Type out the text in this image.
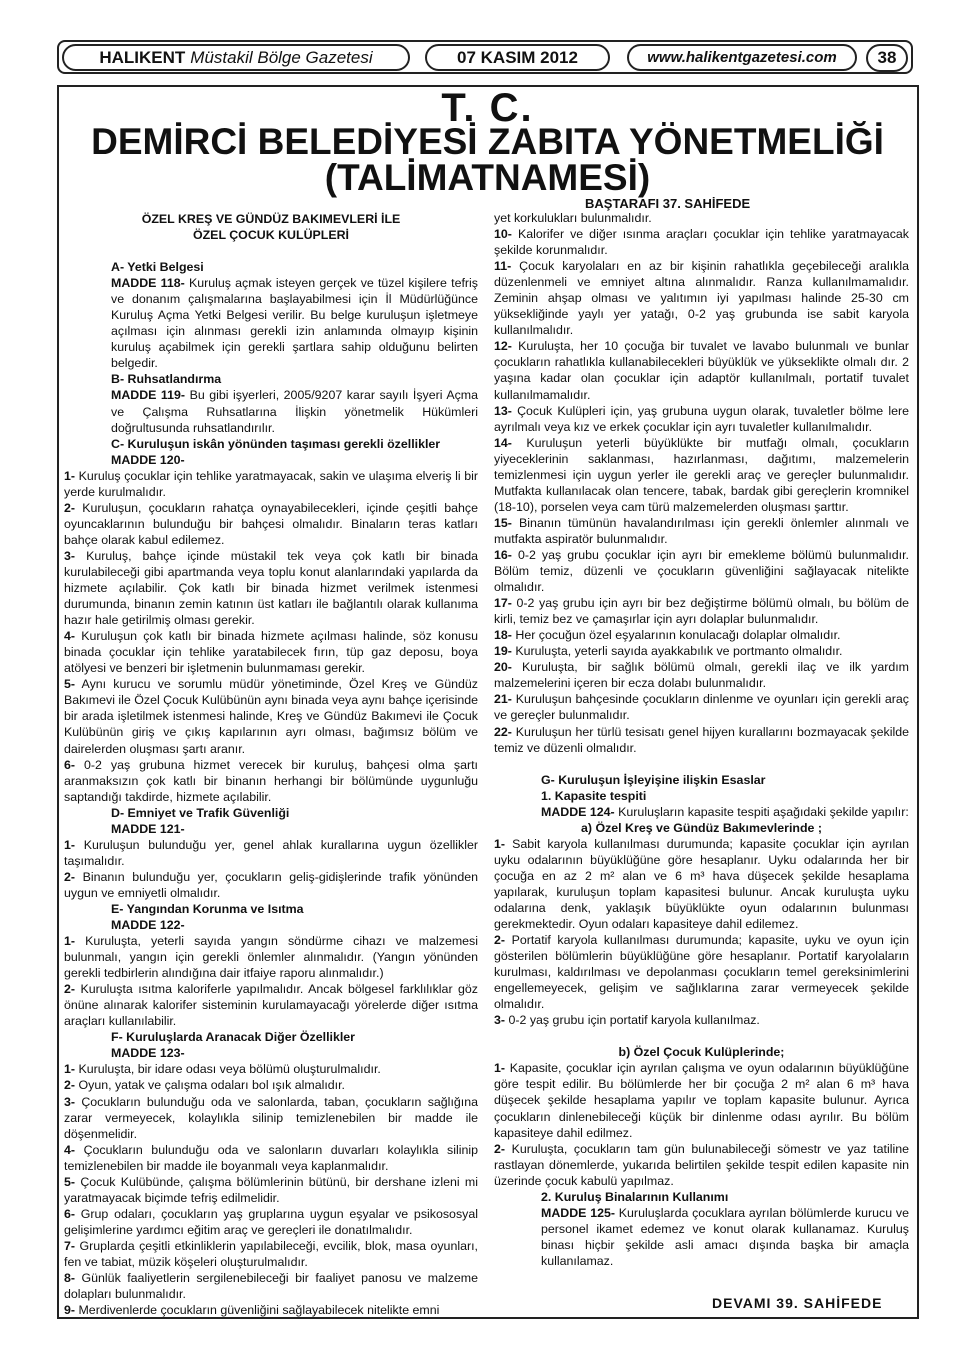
HALIKENT Müstakil Bölge Gazetesi	07 KASIM 2012	www.halikentgazetesi.com	38
T. C.
DEMİRCİ BELEDİYESİ ZABITA YÖNETMELİĞİ
(TALİMATNAMESİ)
BAŞTARAFI 37. SAHİFEDE

ÖZEL KREŞ VE GÜNDÜZ BAKIMEVLERİ İLE

ÖZEL ÇOCUK KULÜPLERİ

A- Yetki Belgesi

MADDE 118- Kuruluş açmak isteyen gerçek ve tüzel kişilere tefriş ve donanım çalışmalarına başlayabilmesi için İl Müdürlüğünce Kuruluş Açma Yetki Belgesi verilir. Bu belge kuruluşun işletmeye açılması için alınması gerekli izin anlamında olmayıp kişinin kuruluş açabilmek için gerekli şartlara sahip olduğunu belirten belgedir.

B- Ruhsatlandırma

MADDE 119- Bu gibi işyerleri, 2005/9207 karar sayılı İşyeri Açma ve Çalışma Ruhsatlarına İlişkin yönetmelik Hükümleri doğrultusunda ruhsatlandırılır.

C- Kuruluşun iskân yönünden taşıması gerekli özellikler

MADDE 120-

1- Kuruluş çocuklar için tehlike yaratmayacak, sakin ve ulaşıma elveriş li bir yerde kurulmalıdır.

2- Kuruluşun, çocukların rahatça oynayabilecekleri, içinde çeşitli bahçe oyuncaklarının bulunduğu bir bahçesi olmalıdır. Binaların teras katları bahçe olarak kabul edilemez.

3- Kuruluş, bahçe içinde müstakil tek veya çok katlı bir binada kurulabileceği gibi apartmanda veya toplu konut alanlarındaki yapılarda da hizmete açılabilir. Çok katlı bir binada hizmet verilmek istenmesi durumunda, binanın zemin katının üst katları ile bağlantılı olarak kullanıma hazır hale getirilmiş olması gerekir.

4- Kuruluşun çok katlı bir binada hizmete açılması halinde, söz konusu binada çocuklar için tehlike yaratabilecek fırın, tüp gaz deposu, boya atölyesi ve benzeri bir işletmenin bulunmaması gerekir.

5- Aynı kurucu ve sorumlu müdür yönetiminde, Özel Kreş ve Gündüz Bakımevi ile Özel Çocuk Kulübünün aynı binada veya aynı bahçe içerisinde bir arada işletilmek istenmesi halinde, Kreş ve Gündüz Bakımevi ile Çocuk Kulübünün giriş ve çıkış kapılarının ayrı olması, bağımsız bölüm ve dairelerden oluşması şartı aranır.

6- 0-2 yaş grubuna hizmet verecek bir kuruluş, bahçesi olma şartı aranmaksızın çok katlı bir binanın herhangi bir bölümünde uygunluğu saptandığı takdirde, hizmete açılabilir.

D- Emniyet ve Trafik Güvenliği

MADDE 121-

1- Kuruluşun bulunduğu yer, genel ahlak kurallarına uygun özellikler taşımalıdır.

2- Binanın bulunduğu yer, çocukların geliş-gidişlerinde trafik yönünden uygun ve emniyetli olmalıdır.

E- Yangından Korunma ve Isıtma

MADDE 122-

1- Kuruluşta, yeterli sayıda yangın söndürme cihazı ve malzemesi bulunmalı, yangın için gerekli önlemler alınmalıdır. (Yangın yönünden gerekli tedbirlerin alındığına dair itfaiye raporu alınmalıdır.)

2- Kuruluşta ısıtma kaloriferle yapılmalıdır. Ancak bölgesel farklılıklar göz önüne alınarak kalorifer sisteminin kurulamayacağı yörelerde diğer ısıtma araçları kullanılabilir.

F- Kuruluşlarda Aranacak Diğer Özellikler

MADDE 123-

1- Kuruluşta, bir idare odası veya bölümü oluşturulmalıdır.

2- Oyun, yatak ve çalışma odaları bol ışık almalıdır.

3- Çocukların bulunduğu oda ve salonlarda, taban, çocukların sağlığına zarar vermeyecek, kolaylıkla silinip temizlenebilen bir madde ile döşenmelidir.

4- Çocukların bulunduğu oda ve salonların duvarları kolaylıkla silinip temizlenebilen bir madde ile boyanmalı veya kaplanmalıdır.

5- Çocuk Kulübünde, çalışma bölümlerinin bütünü, bir dershane izleni mi yaratmayacak biçimde tefriş edilmelidir.

6- Grup odaları, çocukların yaş gruplarına uygun eşyalar ve psikososyal gelişimlerine yardımcı eğitim araç ve gereçleri ile donatılmalıdır.

7- Gruplarda çeşitli etkinliklerin yapılabileceği, evcilik, blok, masa oyunları, fen ve tabiat, müzik köşeleri oluşturulmalıdır.

8- Günlük faaliyetlerin sergilenebileceği bir faaliyet panosu ve malzeme dolapları bulunmalıdır.

9- Merdivenlerde çocukların güvenliğini sağlayabilecek nitelikte emni

yet korkulukları bulunmalıdır.

10- Kalorifer ve diğer ısınma araçları çocuklar için tehlike yaratmayacak şekilde korunmalıdır.

11- Çocuk karyolaları en az bir kişinin rahatlıkla geçebileceği aralıkla düzenlenmeli ve emniyet altına alınmalıdır. Ranza kullanılmamalıdır. Zeminin ahşap olması ve yalıtımın iyi yapılması halinde 25-30 cm yüksekliğinde yaylı yer yatağı, 0-2 yaş grubunda ise sabit karyola kullanılmalıdır.

12- Kuruluşta, her 10 çocuğa bir tuvalet ve lavabo bulunmalı ve bunlar çocukların rahatlıkla kullanabilecekleri büyüklük ve yükseklikte olmalı dır. 2 yaşına kadar olan çocuklar için adaptör kullanılmalı, portatif tuvalet kullanılmamalıdır.

13- Çocuk Kulüpleri için, yaş grubuna uygun olarak, tuvaletler bölme lere ayrılmalı veya kız ve erkek çocuklar için ayrı tuvaletler kullanılmalıdır.

14- Kuruluşun yeterli büyüklükte bir mutfağı olmalı, çocukların yiyeceklerinin saklanması, hazırlanması, dağıtımı, malzemelerin temizlenmesi için uygun yerler ile gerekli araç ve gereçler bulunmalıdır. Mutfakta kullanılacak olan tencere, tabak, bardak gibi gereçlerin kromnikel (18-10), porselen veya cam türü malzemelerden oluşması şarttır.

15- Binanın tümünün havalandırılması için gerekli önlemler alınmalı ve mutfakta aspiratör bulunmalıdır.

16- 0-2 yaş grubu çocuklar için ayrı bir emekleme bölümü bulunmalıdır. Bölüm temiz, düzenli ve çocukların güvenliğini sağlayacak nitelikte olmalıdır.

17- 0-2 yaş grubu için ayrı bir bez değiştirme bölümü olmalı, bu bölüm de kirli, temiz bez ve çamaşırlar için ayrı dolaplar bulunmalıdır.

18- Her çocuğun özel eşyalarının konulacağı dolaplar olmalıdır.

19- Kuruluşta, yeterli sayıda ayakkabılık ve portmanto olmalıdır.

20- Kuruluşta, bir sağlık bölümü olmalı, gerekli ilaç ve ilk yardım malzemelerini içeren bir ecza dolabı bulunmalıdır.

21- Kuruluşun bahçesinde çocukların dinlenme ve oyunları için gerekli araç ve gereçler bulunmalıdır.

22- Kuruluşun her türlü tesisatı genel hijyen kurallarını bozmayacak şekilde temiz ve düzenli olmalıdır.

G- Kuruluşun İşleyişine ilişkin Esaslar

1. Kapasite tespiti

MADDE 124- Kuruluşların kapasite tespiti aşağıdaki şekilde yapılır:

a) Özel Kreş ve Gündüz Bakımevlerinde ;

1- Sabit karyola kullanılması durumunda; kapasite çocuklar için ayrılan uyku odalarının büyüklüğüne göre hesaplanır. Uyku odalarında her bir çocuğa en az 2 m² alan ve 6 m³ hava düşecek şekilde hesaplama yapılarak, kuruluşun toplam kapasitesi bulunur. Ancak kuruluşta uyku odalarına denk, yaklaşık büyüklükte oyun odalarının bulunması gerekmektedir. Oyun odaları kapasiteye dahil edilemez.

2- Portatif karyola kullanılması durumunda; kapasite, uyku ve oyun için gösterilen bölümlerin büyüklüğüne göre hesaplanır. Portatif karyolaların kurulması, kaldırılması ve depolanması çocukların temel gereksinimlerini engellemeyecek, gelişim ve sağlıklarına zarar vermeyecek şekilde olmalıdır.

3- 0-2 yaş grubu için portatif karyola kullanılmaz.

b) Özel Çocuk Kulüplerinde;

1- Kapasite, çocuklar için ayrılan çalışma ve oyun odalarının büyüklüğüne göre tespit edilir. Bu bölümlerde her bir çocuğa 2 m² alan 6 m³ hava düşecek şekilde hesaplama yapılır ve toplam kapasite bulunur. Ayrıca çocukların dinlenebileceği küçük bir dinlenme odası ayrılır. Bu bölüm kapasiteye dahil edilmez.

2- Kuruluşta, çocukların tam gün bulunabileceği sömestr ve yaz tatiline rastlayan dönemlerde, yukarıda belirtilen şekilde tespit edilen kapasite nin üzerinde çocuk kabulü yapılmaz.

2. Kuruluş Binalarının Kullanımı

MADDE 125- Kuruluşlarda çocuklara ayrılan bölümlerde kurucu ve personel ikamet edemez ve konut olarak kullanamaz. Kuruluş binası hiçbir şekilde asli amacı dışında başka bir amaçla kullanılamaz.

DEVAMI 39. SAHİFEDE
